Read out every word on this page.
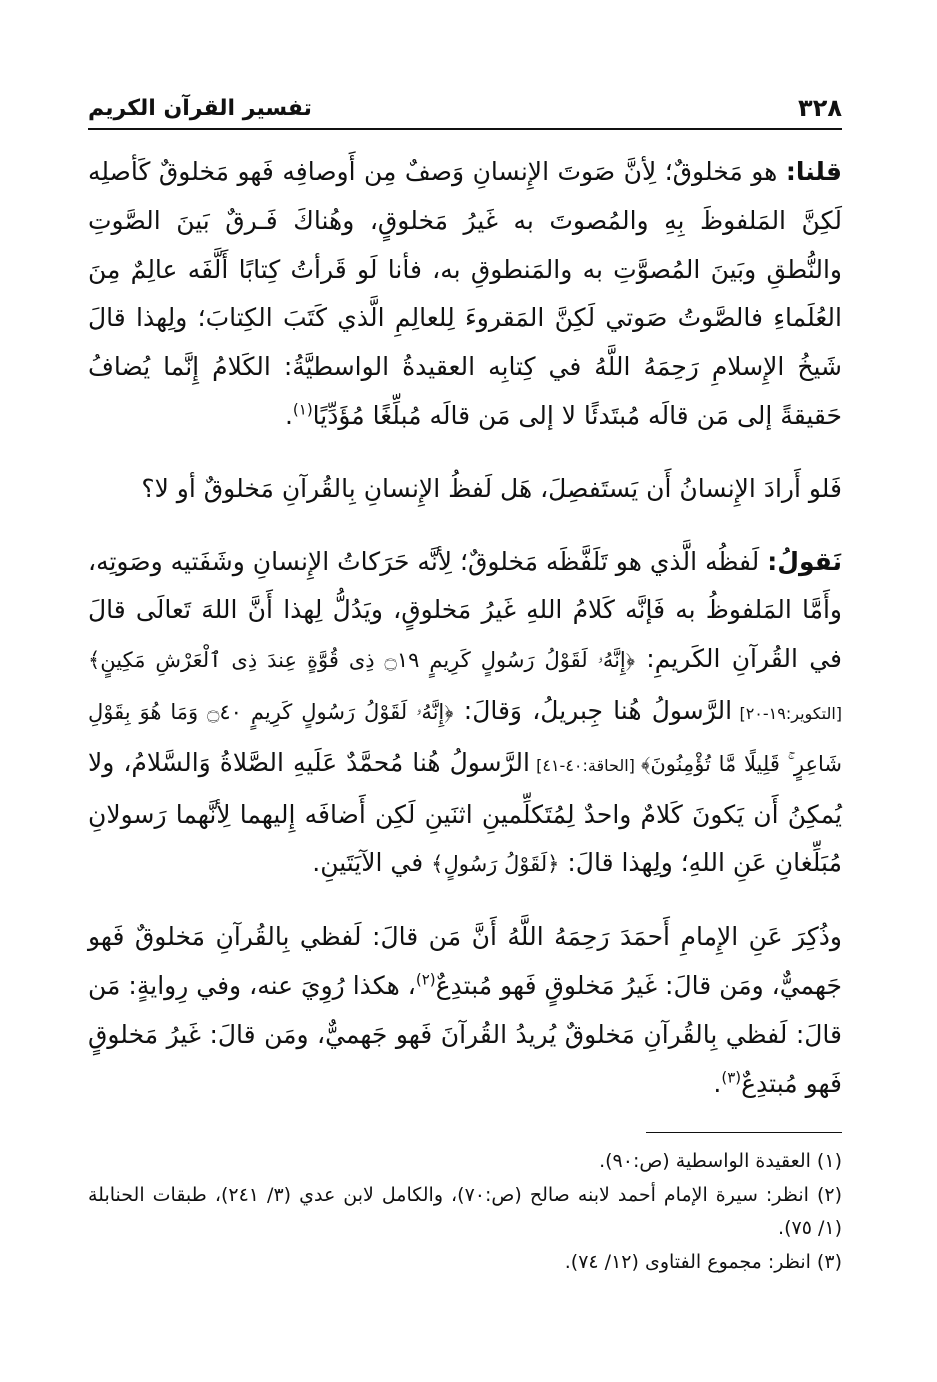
٣٢٨
تفسير القرآن الكريم

قلنا: هو مَخلوقٌ؛ لِأنَّ صَوتَ الإِنسانِ وَصفٌ مِن أَوصافِه فَهو مَخلوقٌ كَأصلِه لَكِنَّ المَلفوظَ بِهِ والمُصوتَ به غَيرُ مَخلوقٍ، وهُناكَ فَـرقٌ بَينَ الصَّوتِ والنُّطقِ وبَينَ المُصوَّتِ به والمَنطوقِ به، فأنا لَو قَرأتُ كِتابًا أَلَّفَه عالِمٌ مِنَ العُلَماءِ فالصَّوتُ صَوتي لَكِنَّ المَقروءَ لِلعالِمِ الَّذي كَتَبَ الكِتابَ؛ ولِهذا قالَ شَيخُ الإِسلامِ رَحِمَهُ اللَّهُ في كِتابِه العقيدةُ الواسطيَّةُ: الكَلامُ إِنَّما يُضافُ حَقيقةً إلى مَن قالَه مُبتَدئًا لا إلى مَن قالَه مُبلِّغًا مُؤَدِّيًا$^{(١)}$.

فَلو أَرادَ الإِنسانُ أَن يَستَفصِلَ، هَل لَفظُ الإِنسانِ بِالقُرآنِ مَخلوقٌ أو لا؟

نَقولُ: لَفظُه الَّذي هو تَلَفَّظَه مَخلوقٌ؛ لِأنَّه حَرَكاتُ الإِنسانِ وشَفَتيه وصَوتِه، وأَمَّا المَلفوظُ به فَإنَّه كَلامُ اللهِ غَيرُ مَخلوقٍ، ويَدُلُّ لِهذا أَنَّ اللهَ تَعالَى قالَ في القُرآنِ الكَريمِ: ﴿إِنَّهُۥ لَقَوْلُ رَسُولٍ كَرِيمٍ ۝١٩ ذِى قُوَّةٍ عِندَ ذِى ٱلْعَرْشِ مَكِينٍ﴾ [التكوير:١٩-٢٠] الرَّسولُ هُنا جِبريلُ، وَقالَ: ﴿إِنَّهُۥ لَقَوْلُ رَسُولٍ كَرِيمٍ ۝٤٠ وَمَا هُوَ بِقَوْلِ شَاعِرٍ ۚ قَلِيلًا مَّا تُؤْمِنُونَ﴾ [الحاقة:٤٠-٤١] الرَّسولُ هُنا مُحمَّدٌ عَلَيهِ الصَّلاةُ وَالسَّلامُ، ولا يُمكِنُ أَن يَكونَ كَلامٌ واحدٌ لِمُتَكلِّمينِ اثنَينِ لَكِن أَضافَه إِليهما لِأنَّهما رَسولانِ مُبَلِّغانِ عَنِ اللهِ؛ ولِهذا قالَ: ﴿لَقَوْلُ رَسُولٍ﴾ في الآيَتَينِ.

وذُكِرَ عَنِ الإِمامِ أَحمَدَ رَحِمَهُ اللَّهُ أَنَّ مَن قالَ: لَفظي بِالقُرآنِ مَخلوقٌ فَهو جَهميٌّ، ومَن قالَ: غَيرُ مَخلوقٍ فَهو مُبتدِعٌ$^{(٢)}$، هكذا رُوِيَ عنه، وفي رِوايةٍ: مَن قالَ: لَفظي بِالقُرآنِ مَخلوقٌ يُريدُ القُرآنَ فَهو جَهميٌّ، ومَن قالَ: غَيرُ مَخلوقٍ فَهو مُبتدِعٌ$^{(٣)}$.

(١) العقيدة الواسطية (ص:٩٠).

(٢) انظر: سيرة الإمام أحمد لابنه صالح (ص:٧٠)، والكامل لابن عدي (٣/ ٢٤١)، طبقات الحنابلة (١/ ٧٥).

(٣) انظر: مجموع الفتاوى (١٢/ ٧٤).
